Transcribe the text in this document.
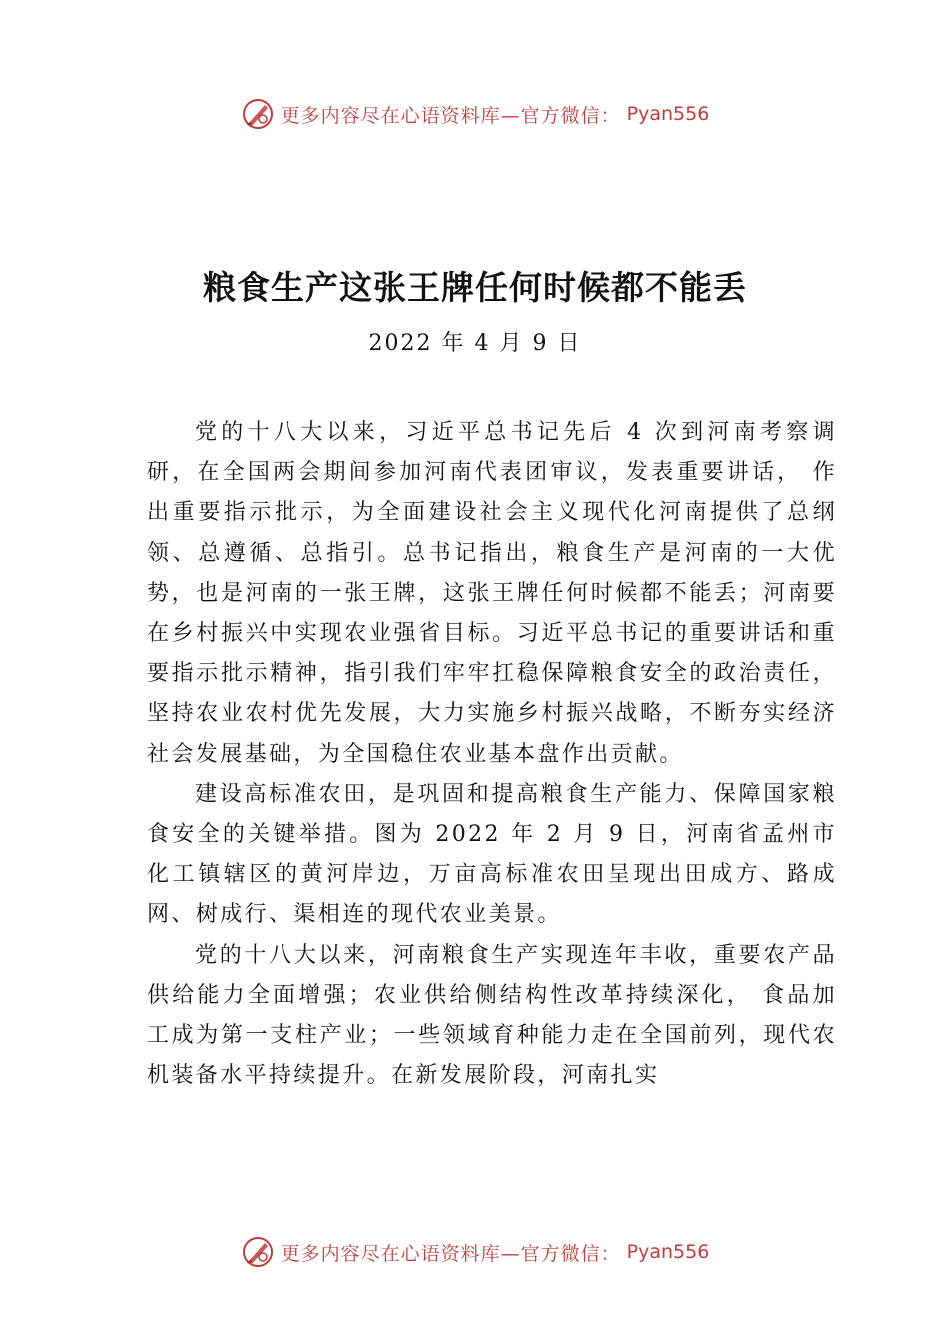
更多内容尽在心语资料库—官方微信： Pyan556
粮食生产这张王牌任何时候都不能丢
2022 年 4 月 9 日

党的十八大以来，习近平总书记先后 4 次到河南考察调研，在全国两会期间参加河南代表团审议，发表重要讲话， 作出重要指示批示，为全面建设社会主义现代化河南提供了总纲领、总遵循、总指引。总书记指出，粮食生产是河南的一大优势，也是河南的一张王牌，这张王牌任何时候都不能丢；河南要在乡村振兴中实现农业强省目标。习近平总书记的重要讲话和重要指示批示精神，指引我们牢牢扛稳保障粮食安全的政治责任，坚持农业农村优先发展，大力实施乡村振兴战略，不断夯实经济社会发展基础，为全国稳住农业基本盘作出贡献。

建设高标准农田，是巩固和提高粮食生产能力、保障国家粮食安全的关键举措。图为 2022 年 2 月 9 日，河南省孟州市化工镇辖区的黄河岸边，万亩高标准农田呈现出田成方、路成网、树成行、渠相连的现代农业美景。

党的十八大以来，河南粮食生产实现连年丰收，重要农产品供给能力全面增强；农业供给侧结构性改革持续深化， 食品加工成为第一支柱产业；一些领域育种能力走在全国前列，现代农机装备水平持续提升。在新发展阶段，河南扎实

更多内容尽在心语资料库—官方微信： Pyan556
